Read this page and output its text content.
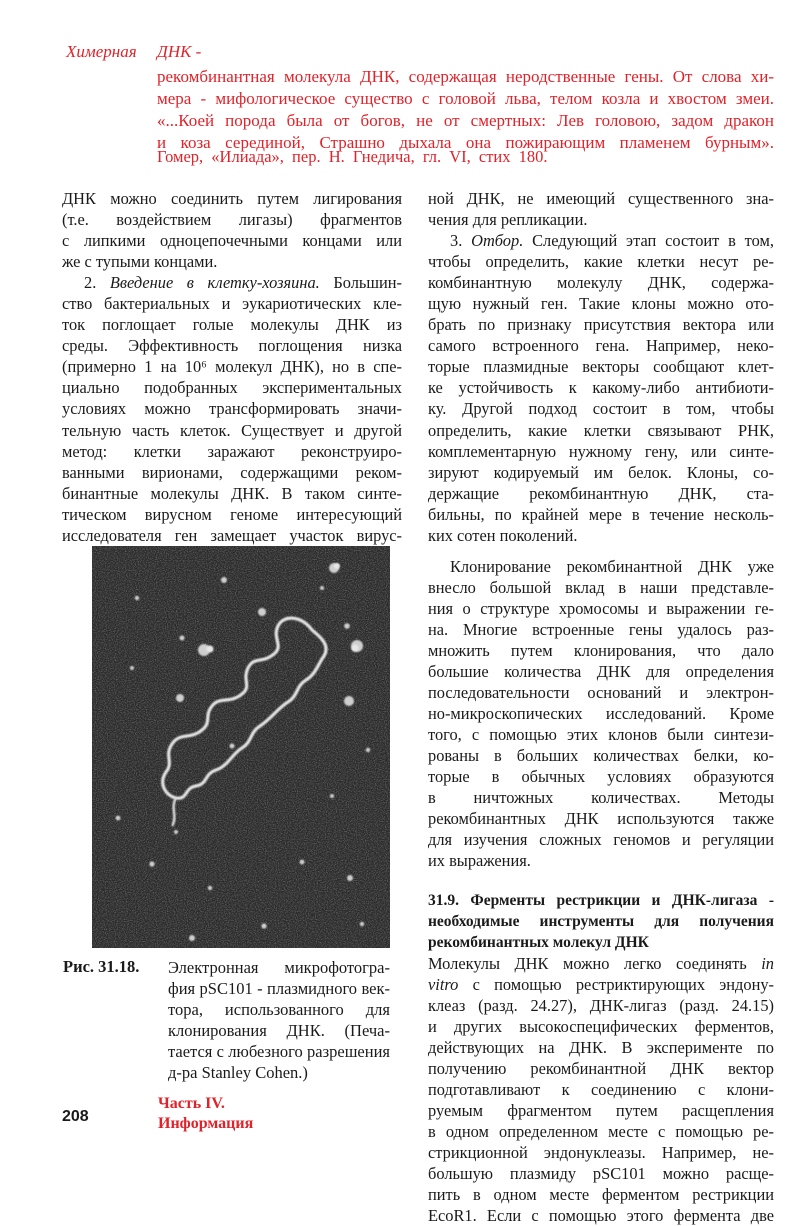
Химерная ДНК -
рекомбинантная молекула ДНК, содержащая неродственные гены. От слова хи-
мера - мифологическое существо с головой льва, телом козла и хвостом змеи.
«...Коей порода была от богов, не от смертных: Лев головою, задом дракон
и коза серединой, Страшно дыхала она пожирающим пламенем бурным».
Гомер, «Илиада», пер. Н. Гнедича, гл. VI, стих 180.
ДНК можно соединить путем лигирования
(т.е. воздействием лигазы) фрагментов
с липкими одноцепочечными концами или
же с тупыми концами.
2. Введение в клетку-хозяина. Большин-
ство бактериальных и эукариотических кле-
ток поглощает голые молекулы ДНК из
среды. Эффективность поглощения низка
(примерно 1 на 10⁶ молекул ДНК), но в спе-
циально подобранных экспериментальных
условиях можно трансформировать значи-
тельную часть клеток. Существует и другой
метод: клетки заражают реконструиро-
ванными вирионами, содержащими реком-
бинантные молекулы ДНК. В таком синте-
тическом вирусном геноме интересующий
исследователя ген замещает участок вирус-
Рис. 31.18. Электронная микрофотогра-
фия pSC101 - плазмидного век-
тора, использованного для
клонирования ДНК. (Печа-
тается с любезного разрешения
д-ра Stanley Cohen.)
Часть IV.
Информация
208
ной ДНК, не имеющий существенного зна-
чения для репликации.
3. Отбор. Следующий этап состоит в том,
чтобы определить, какие клетки несут ре-
комбинантную молекулу ДНК, содержа-
щую нужный ген. Такие клоны можно ото-
брать по признаку присутствия вектора или
самого встроенного гена. Например, неко-
торые плазмидные векторы сообщают клет-
ке устойчивость к какому-либо антибиоти-
ку. Другой подход состоит в том, чтобы
определить, какие клетки связывают РНК,
комплементарную нужному гену, или синте-
зируют кодируемый им белок. Клоны, со-
держащие рекомбинантную ДНК, ста-
бильны, по крайней мере в течение несколь-
ких сотен поколений.
Клонирование рекомбинантной ДНК уже
внесло большой вклад в наши представле-
ния о структуре хромосомы и выражении ге-
на. Многие встроенные гены удалось раз-
множить путем клонирования, что дало
большие количества ДНК для определения
последовательности оснований и электрон-
но-микроскопических исследований. Кроме
того, с помощью этих клонов были синтези-
рованы в больших количествах белки, ко-
торые в обычных условиях образуются
в ничтожных количествах. Методы
рекомбинантных ДНК используются также
для изучения сложных геномов и регуляции
их выражения.
31.9. Ферменты рестрикции и ДНК-лигаза -
необходимые инструменты для получения
рекомбинантных молекул ДНК
Молекулы ДНК можно легко соединять in
vitro с помощью рестриктирующих эндону-
клеаз (разд. 24.27), ДНК-лигаз (разд. 24.15)
и других высокоспецифических ферментов,
действующих на ДНК. В эксперименте по
получению рекомбинантной ДНК вектор
подготавливают к соединению с клони-
руемым фрагментом путем расщепления
в одном определенном месте с помощью ре-
стрикционной эндонуклеазы. Например, не-
большую плазмиду pSC101 можно расще-
пить в одном месте ферментом рестрикции
EcoR1. Если с помощью этого фермента две
